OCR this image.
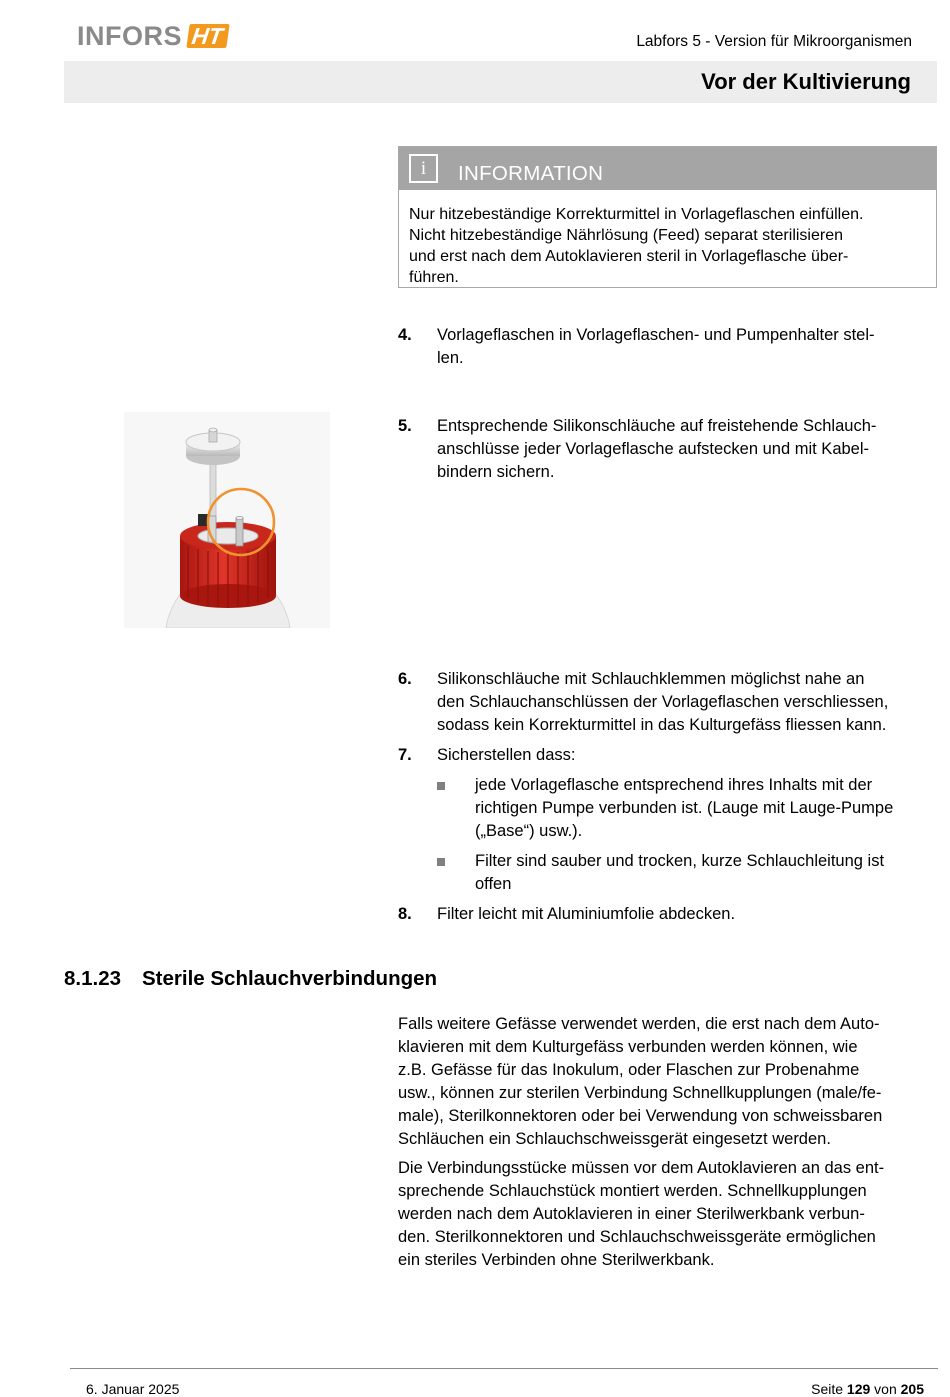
INFORS HT	Labfors 5 - Version für Mikroorganismen
Vor der Kultivierung
i	INFORMATION
Nur hitzebeständige Korrekturmittel in Vorlageflaschen einfüllen.
Nicht hitzebeständige Nährlösung (Feed) separat sterilisieren
und erst nach dem Autoklavieren steril in Vorlageflasche über-
führen.
4. Vorlageflaschen in Vorlageflaschen- und Pumpenhalter stel-
len.
5. Entsprechende Silikonschläuche auf freistehende Schlauch-
anschlüsse jeder Vorlageflasche aufstecken und mit Kabel-
bindern sichern.
6. Silikonschläuche mit Schlauchklemmen möglichst nahe an
den Schlauchanschlüssen der Vorlageflaschen verschliessen,
sodass kein Korrekturmittel in das Kulturgefäss fliessen kann.
7. Sicherstellen dass:
jede Vorlageflasche entsprechend ihres Inhalts mit der
richtigen Pumpe verbunden ist. (Lauge mit Lauge-Pumpe
(„Base“) usw.).
Filter sind sauber und trocken, kurze Schlauchleitung ist
offen
8. Filter leicht mit Aluminiumfolie abdecken.
8.1.23 Sterile Schlauchverbindungen
Falls weitere Gefässe verwendet werden, die erst nach dem Auto-
klavieren mit dem Kulturgefäss verbunden werden können, wie
z.B. Gefässe für das Inokulum, oder Flaschen zur Probenahme
usw., können zur sterilen Verbindung Schnellkupplungen (male/fe-
male), Sterilkonnektoren oder bei Verwendung von schweissbaren
Schläuchen ein Schlauchschweissgerät eingesetzt werden.
Die Verbindungsstücke müssen vor dem Autoklavieren an das ent-
sprechende Schlauchstück montiert werden. Schnellkupplungen
werden nach dem Autoklavieren in einer Sterilwerkbank verbun-
den. Sterilkonnektoren und Schlauchschweissgeräte ermöglichen
ein steriles Verbinden ohne Sterilwerkbank.
6. Januar 2025	Seite 129 von 205
